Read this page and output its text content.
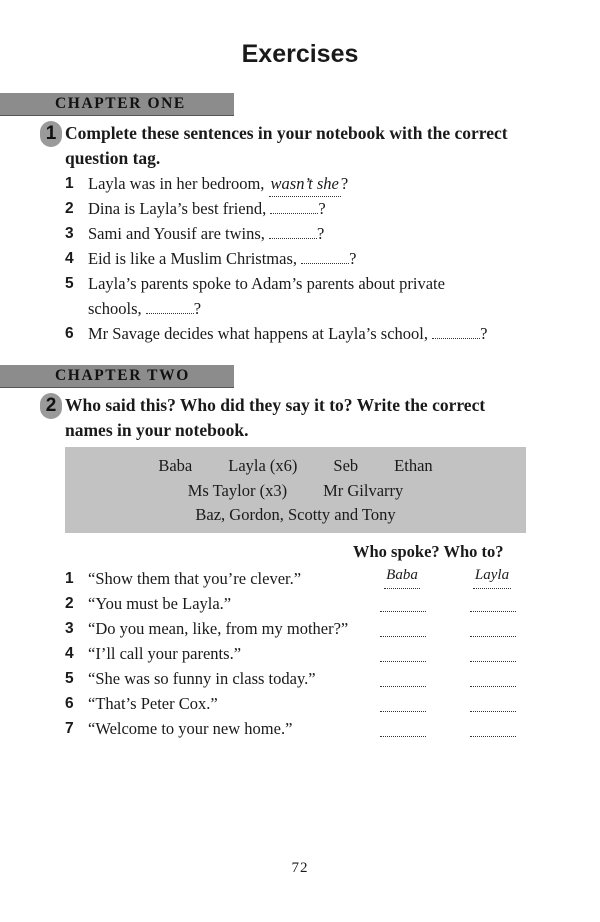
Exercises
CHAPTER ONE
1 Complete these sentences in your notebook with the correct question tag.
1 Layla was in her bedroom, wasn’t she ?
2 Dina is Layla’s best friend,	?
3 Sami and Yousif are twins,	?
4 Eid is like a Muslim Christmas,	?
5 Layla’s parents spoke to Adam’s parents about private schools,	?
6 Mr Savage decides what happens at Layla’s school,	?
CHAPTER TWO
2 Who said this? Who did they say it to? Write the correct names in your notebook.
Baba Layla (x6) Seb Ethan
Ms Taylor (x3) Mr Gilvarry
Baz, Gordon, Scotty and Tony
Who spoke? Who to?
1 “Show them that you’re clever.”	Baba	Layla
2 “You must be Layla.”
3 “Do you mean, like, from my mother?”
4 “I’ll call your parents.”
5 “She was so funny in class today.”
6 “That’s Peter Cox.”
7 “Welcome to your new home.”
72
